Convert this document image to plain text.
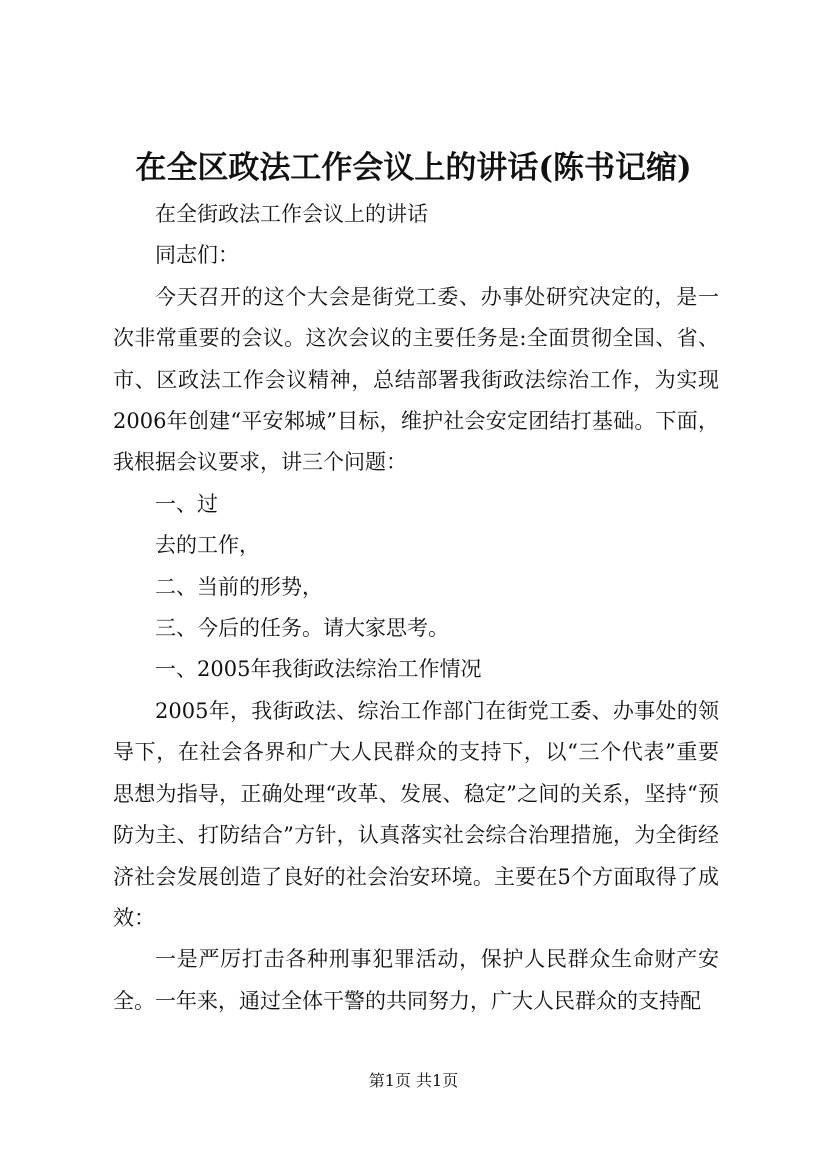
在全区政法工作会议上的讲话(陈书记缩)

在全街政法工作会议上的讲话

同志们：

今天召开的这个大会是街党工委、办事处研究决定的，是一次非常重要的会议。这次会议的主要任务是:全面贯彻全国、省、市、区政法工作会议精神，总结部署我街政法综治工作，为实现2006年创建“平安邾城”目标，维护社会安定团结打基础。下面，我根据会议要求，讲三个问题：

一、过

去的工作，

二、当前的形势，

三、今后的任务。请大家思考。

一、2005年我街政法综治工作情况

2005年，我街政法、综治工作部门在街党工委、办事处的领导下，在社会各界和广大人民群众的支持下，以“三个代表”重要思想为指导，正确处理“改革、发展、稳定”之间的关系，坚持“预防为主、打防结合”方针，认真落实社会综合治理措施，为全街经济社会发展创造了良好的社会治安环境。主要在5个方面取得了成效：

一是严厉打击各种刑事犯罪活动，保护人民群众生命财产安全。一年来，通过全体干警的共同努力，广大人民群众的支持配

第1页 共1页
